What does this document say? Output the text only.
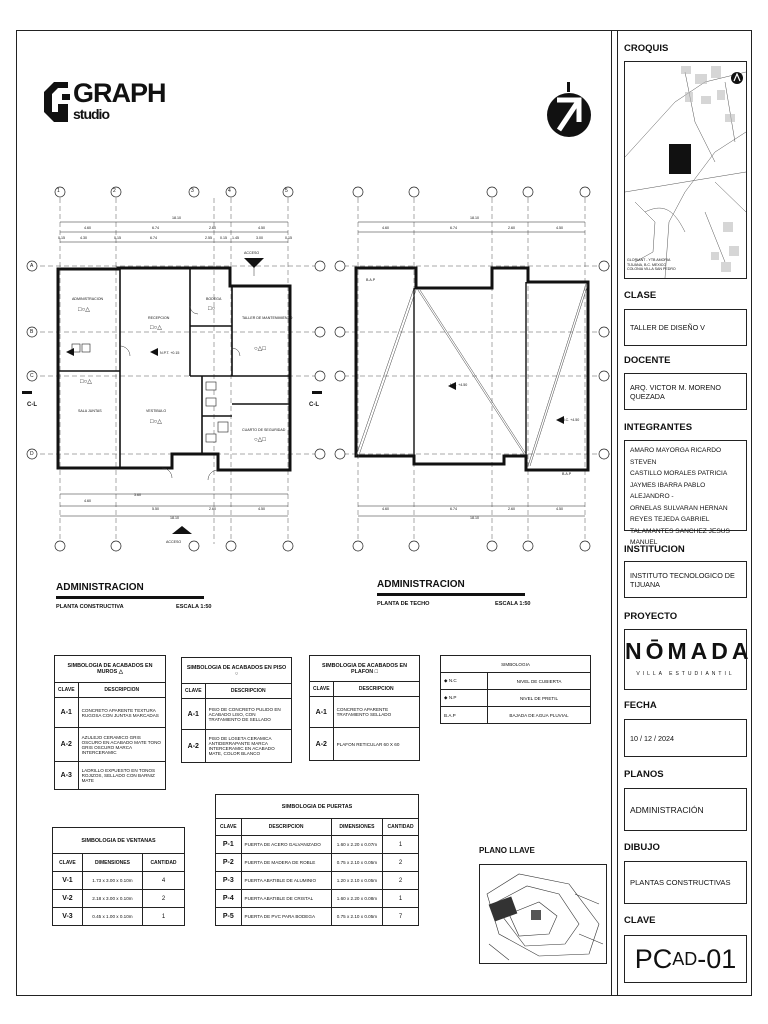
GRAPH
studio
1	2	3	4	5
A
B
C
D
18.10
4.60	6.74	2.60	4.50
0.15	4.30	0.15	6.74	2.55 0.15 1.45	3.00	0.15
4.60
3.60
5.50	2.60	4.50
18.10
ADMINISTRACION
RECEPCION
BODEGA
TALLER DE MANTENIMIENTO
SALA JUNTAS	VESTIBULO
CUARTO DE SEGURIDAD
N.P.T. +0.15
ACCESO
ACCESO
C-L	C-L
□○△
□○△
□○
○△□
□○△
□○△
○△□
18.10
4.60	6.74	2.60	4.50
4.60	6.74	2.60	4.50
18.10
N.C. +4.50
N.C. +4.50
B.A.P
B.A.P
ADMINISTRACION
PLANTA CONSTRUCTIVA	ESCALA 1:50
ADMINISTRACION
PLANTA DE TECHO	ESCALA 1:50
SIMBOLOGIA DE ACABADOS EN MUROS △	
CLAVE	DESCRIPCION
A-1	CONCRETO APARENTE TEXTURA RUGOSA CON JUNTAS MARCADAS
A-2	AZULEJO CERAMICO GRIS OSCURO EN ACABADO MATE TONO GRIS OSCURO MARCA INTERCERAMIC
A-3	LADRILLO EXPUESTO EN TONOS ROJIZOS, SELLADO CON BARNIZ MATE
SIMBOLOGIA DE ACABADOS EN PISO ○	
CLAVE	DESCRIPCION
A-1	PISO DE CONCRETO PULIDO EN ACABADO LISO, CON TRATAMIENTO DE SELLADO
A-2	PISO DE LOSETA CERAMICA ANTIDERRAPANTE MARCA INTERCERAMIC EN ACABADO MATE, COLOR BLANCO
SIMBOLOGIA DE ACABADOS EN PLAFON □	
CLAVE	DESCRIPCION
A-1	CONCRETO APARENTE TRATAMIENTO SELLADO
A-2	PLAFON RETICULAR 60 X 60
SIMBOLOGIA	
◆ N.C	NIVEL DE CUBIERTA
◆ N.P	NIVEL DE PRETIL
B.A.P	BAJADA DE AGUA PLUVIAL
SIMBOLOGIA DE PUERTAS			
CLAVE	DESCRIPCION	DIMENSIONES	CANTIDAD
P-1	PUERTA DE ACERO GALVANIZADO	1.60 x 2.20 x 0.07m	1
P-2	PUERTA DE MADERA DE ROBLE	0.75 x 2.10 x 0.05m	2
P-3	PUERTA ABATIBLE DE ALUMINIO	1.20 x 2.10 x 0.05m	2
P-4	PUERTA ABATIBLE DE CRISTAL	1.60 x 2.20 x 0.08m	1
P-5	PUERTA DE PVC PARA BODEGA	0.75 x 2.10 x 0.05m	7
SIMBOLOGIA DE VENTANAS		
CLAVE	DIMENSIONES	CANTIDAD
V-1	1.73 x 3.00 x 0.10m	4
V-2	2.18 x 3.00 x 0.10m	2
V-3	0.45 x 1.00 x 0.10m	1
PLANO LLAVE
CROQUIS
GLORIANT - YTB AMORIA
TIJUANA, B.C. MEXICO
COLONIA VILLA SAN PEDRO
CLASE
TALLER DE DISEÑO V
DOCENTE
ARQ. VICTOR M. MORENO QUEZADA
INTEGRANTES
AMARO MAYORGA RICARDO STEVEN
CASTILLO MORALES PATRICIA
JAYMES IBARRA PABLO ALEJANDRO -
ORNELAS SULVARAN HERNAN
REYES TEJEDA GABRIEL
TALAMANTES SANCHEZ JESUS MANUEL
INSTITUCION
INSTITUTO TECNOLOGICO DE TIJUANA
PROYECTO
NŌMADA
VILLA ESTUDIANTIL
FECHA
10 / 12 / 2024
PLANOS
ADMINISTRACIÓN
DIBUJO
PLANTAS CONSTRUCTIVAS
CLAVE
PC AD -01
